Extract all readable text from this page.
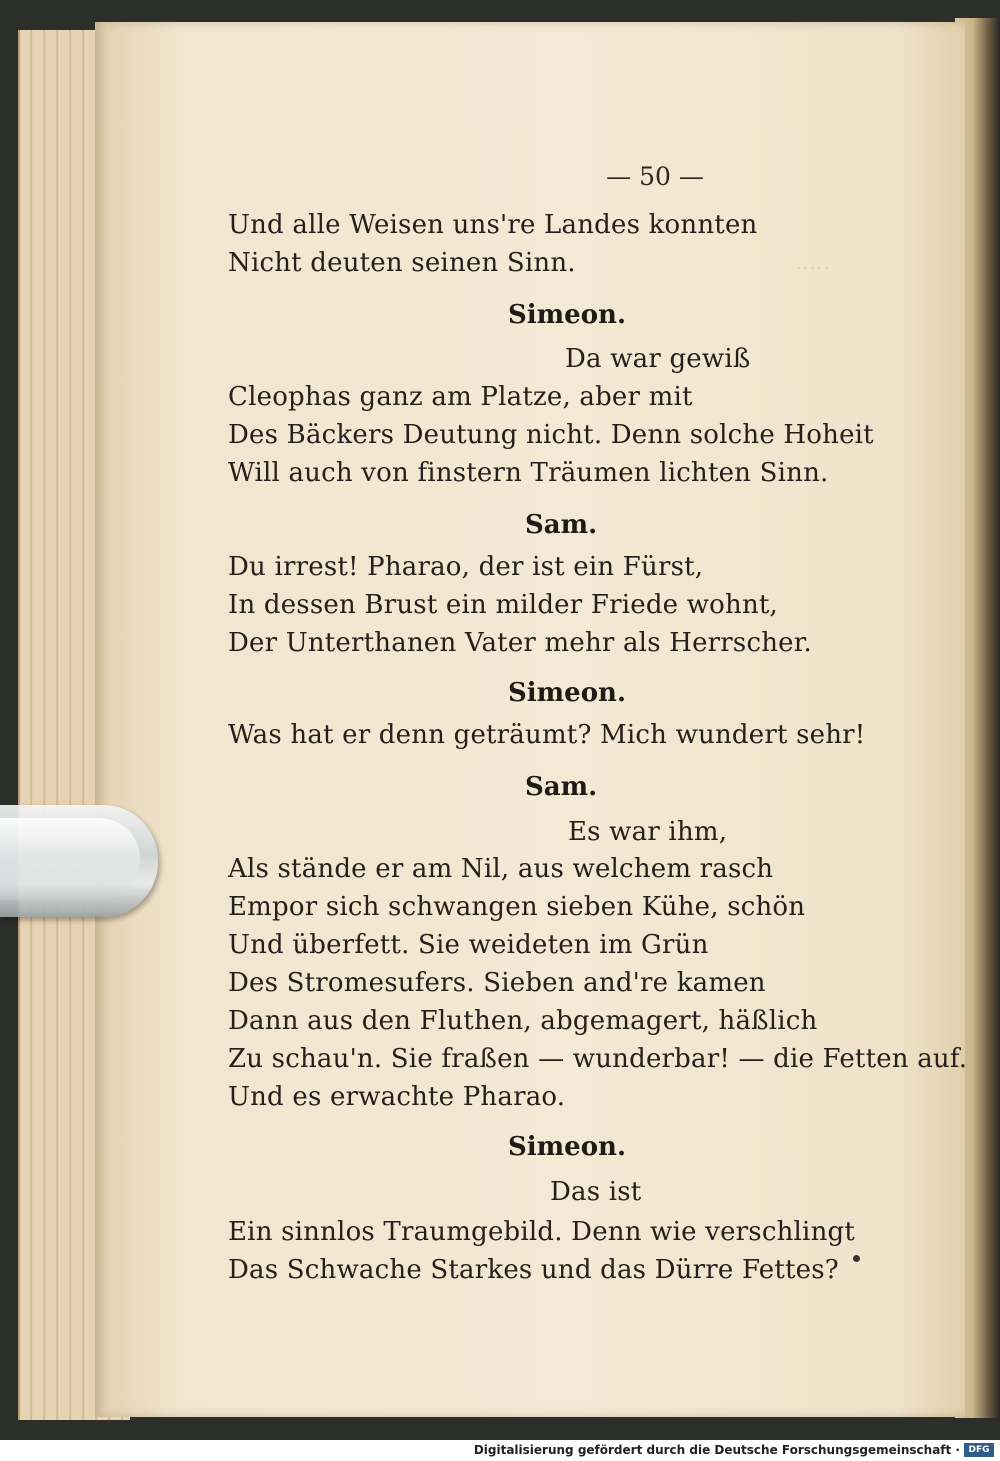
·····
— 50 —
Und alle Weisen uns're Landes konnten
Nicht deuten seinen Sinn.
Simeon.
Da war gewiß
Cleophas ganz am Platze, aber mit
Des Bäckers Deutung nicht. Denn solche Hoheit
Will auch von finstern Träumen lichten Sinn.
Sam.
Du irrest! Pharao, der ist ein Fürst,
In dessen Brust ein milder Friede wohnt,
Der Unterthanen Vater mehr als Herrscher.
Simeon.
Was hat er denn geträumt? Mich wundert sehr!
Sam.
Es war ihm,
Als stände er am Nil, aus welchem rasch
Empor sich schwangen sieben Kühe, schön
Und überfett. Sie weideten im Grün
Des Stromesufers. Sieben and're kamen
Dann aus den Fluthen, abgemagert, häßlich
Zu schau'n. Sie fraßen — wunderbar! — die Fetten auf.
Und es erwachte Pharao.
Simeon.
Das ist
Ein sinnlos Traumgebild. Denn wie verschlingt
Das Schwache Starkes und das Dürre Fettes?
Digitalisierung gefördert durch die Deutsche Forschungsgemeinschaft · DFG
